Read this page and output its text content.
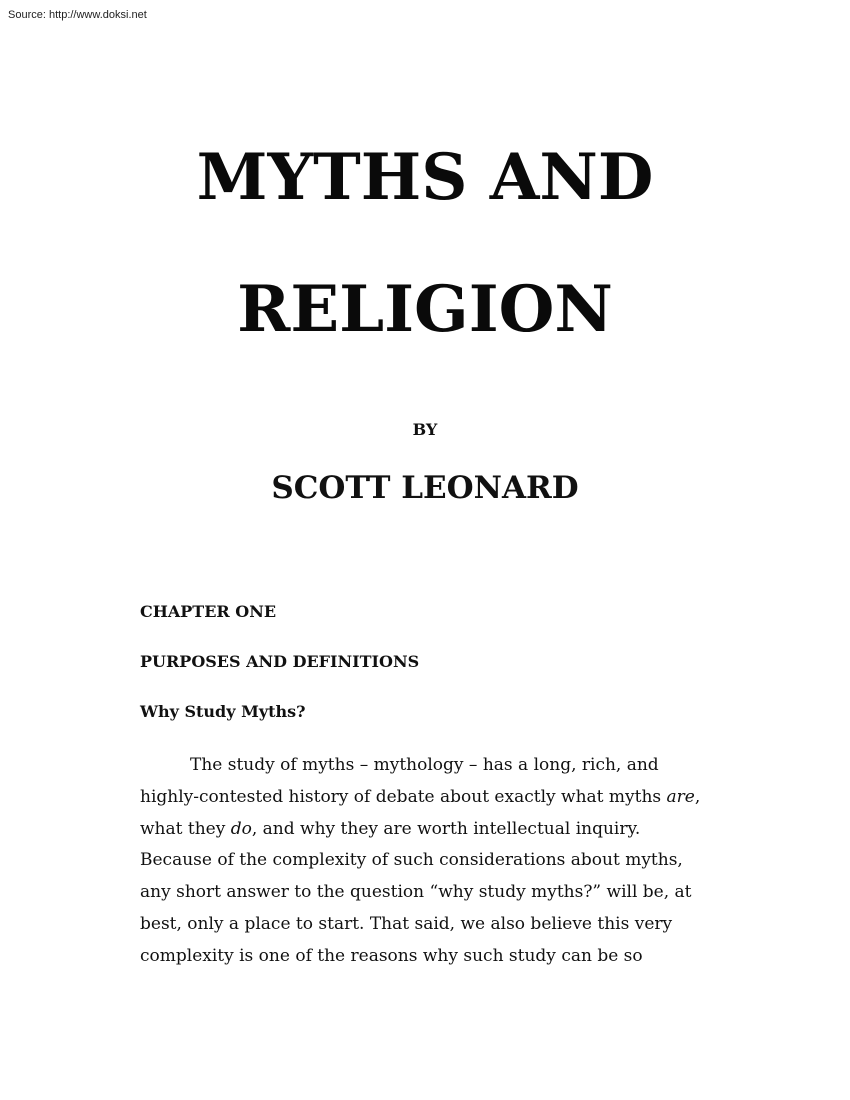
Source: http://www.doksi.net
MYTHS AND
RELIGION
BY
SCOTT LEONARD
CHAPTER ONE
PURPOSES AND DEFINITIONS
Why Study Myths?
The study of myths – mythology – has a long, rich, and
highly-contested history of debate about exactly what myths are,
what they do, and why they are worth intellectual inquiry.
Because of the complexity of such considerations about myths,
any short answer to the question “why study myths?” will be, at
best, only a place to start. That said, we also believe this very
complexity is one of the reasons why such study can be so
